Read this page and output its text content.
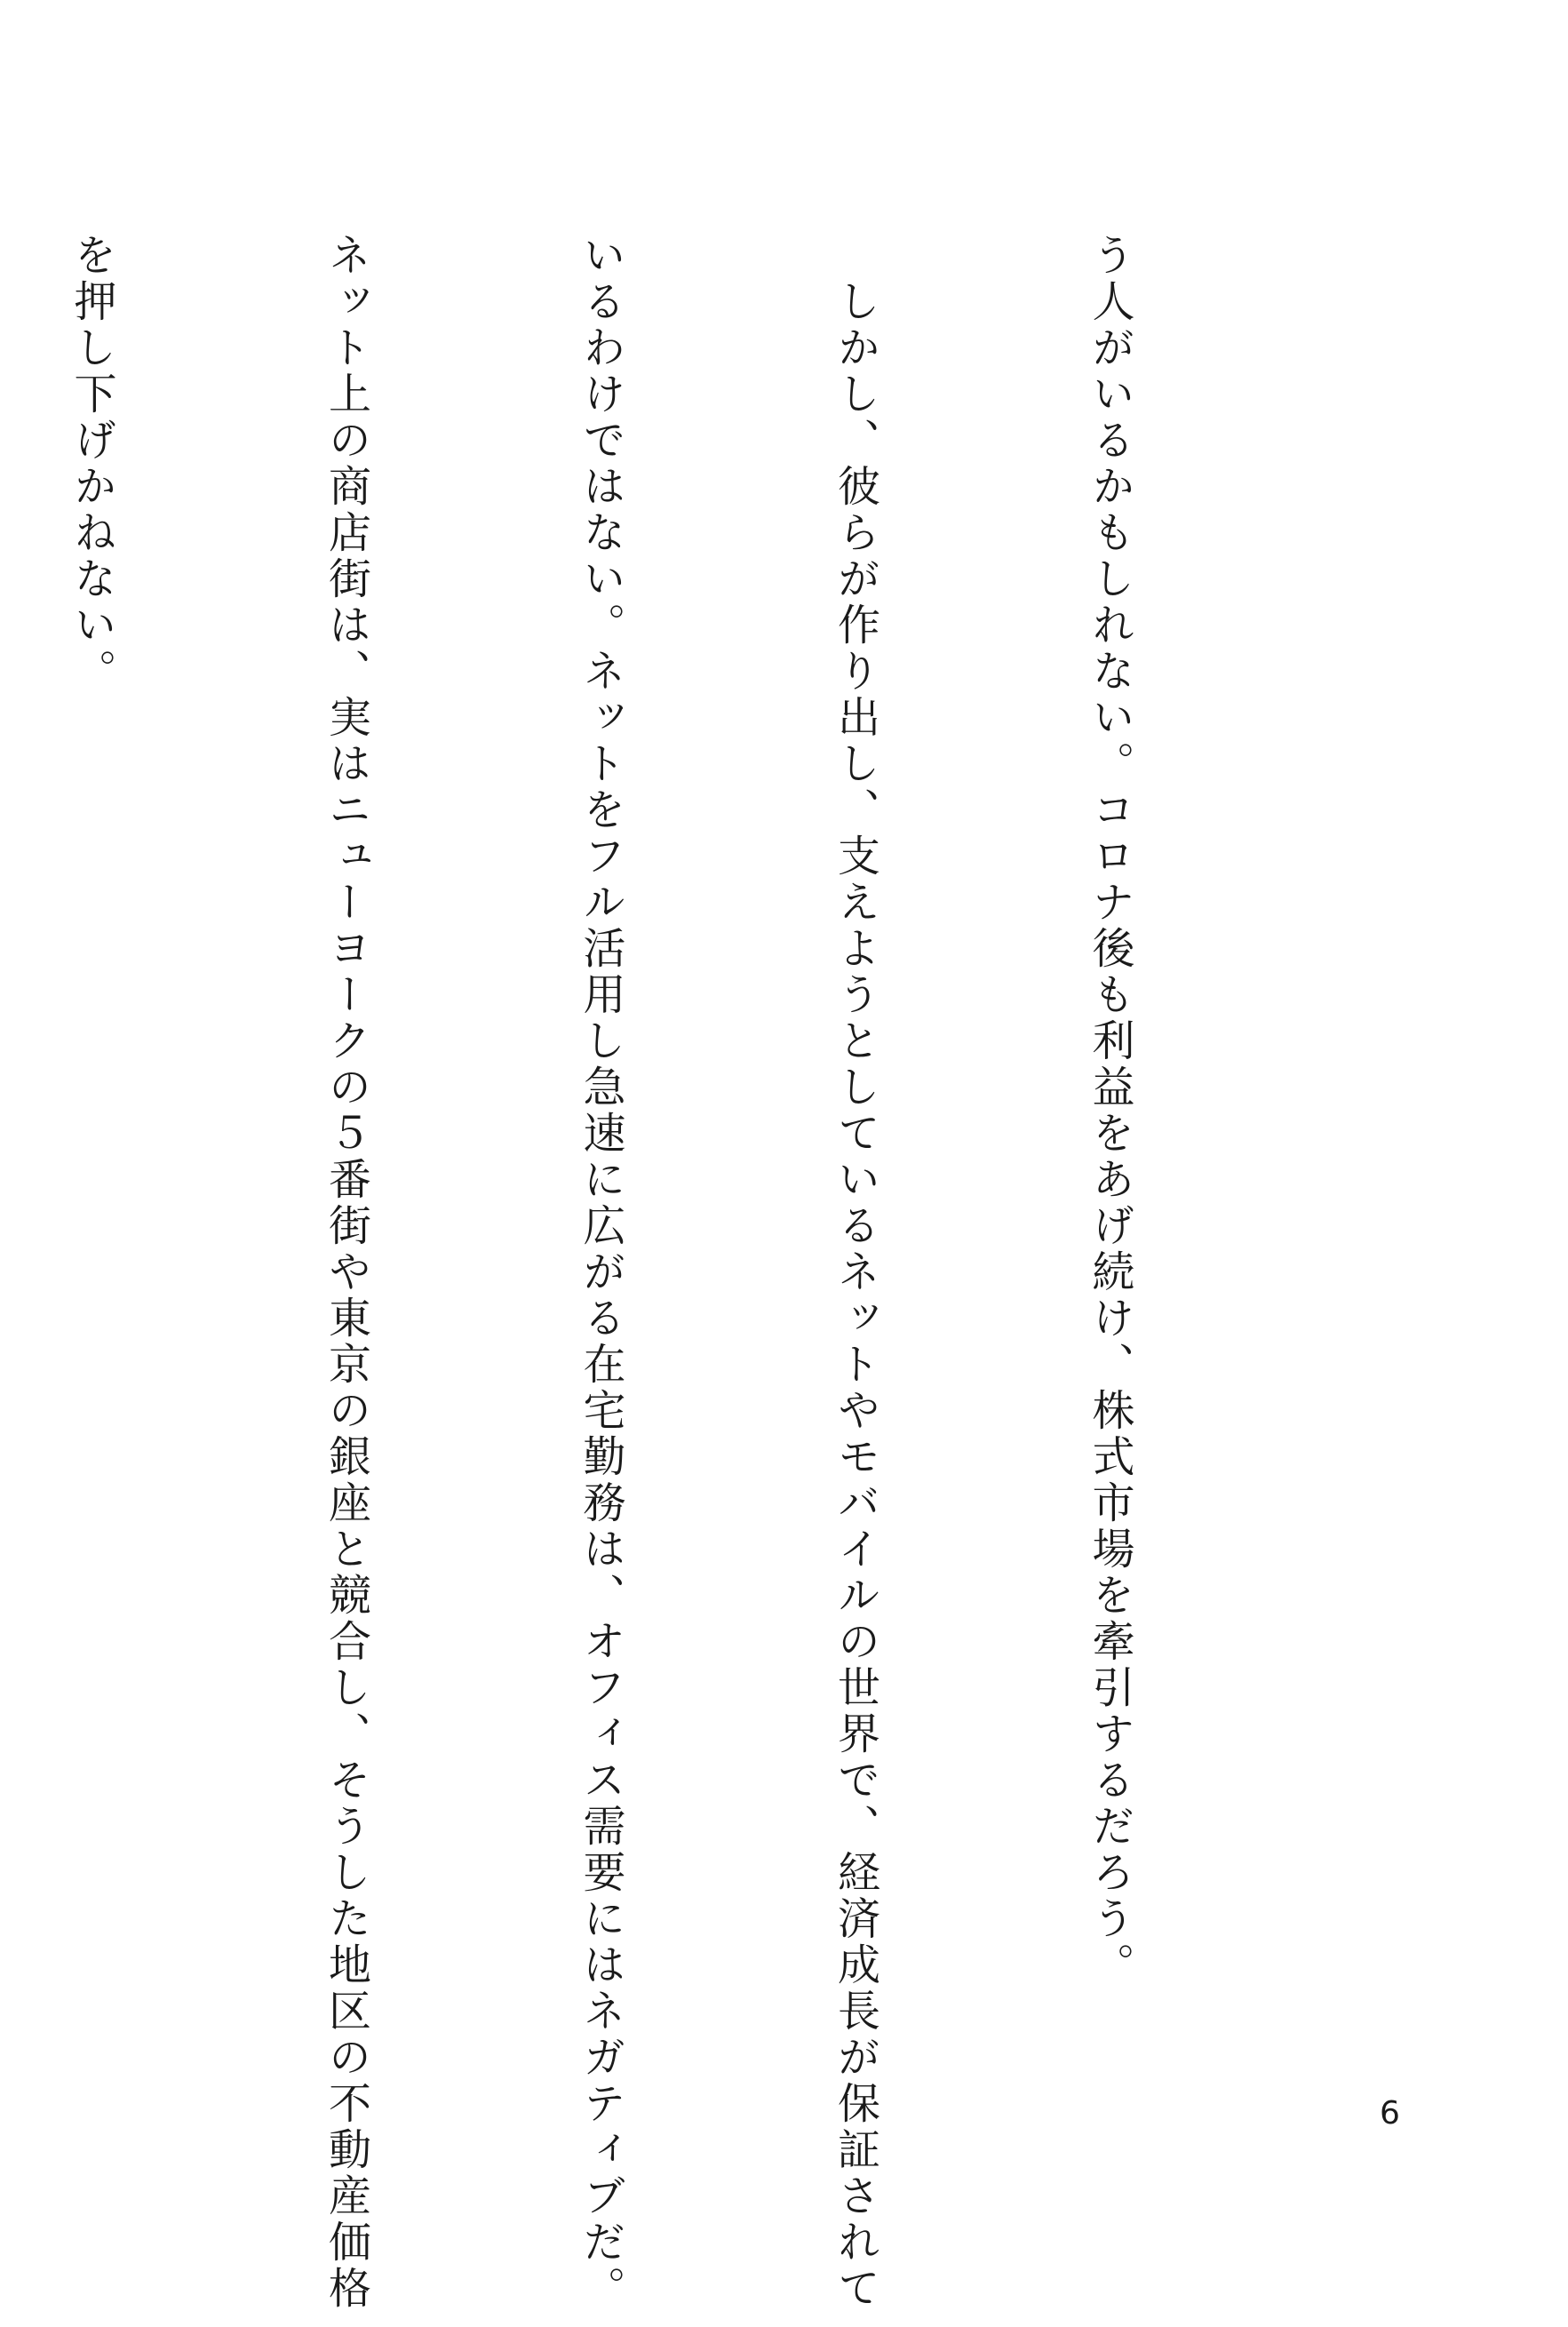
う人がいるかもしれない。コロナ後も利益をあげ続け、株式市場を牽引するだろう。

　しかし、彼らが作り出し、支えようとしているネットやモバイルの世界で、経済成長が保証されて

いるわけではない。ネットをフル活用し急速に広がる在宅勤務は、オフィス需要にはネガティブだ。

ネット上の商店街は、実はニューヨークの５番街や東京の銀座と競合し、そうした地区の不動産価格

を押し下げかねない。

6
